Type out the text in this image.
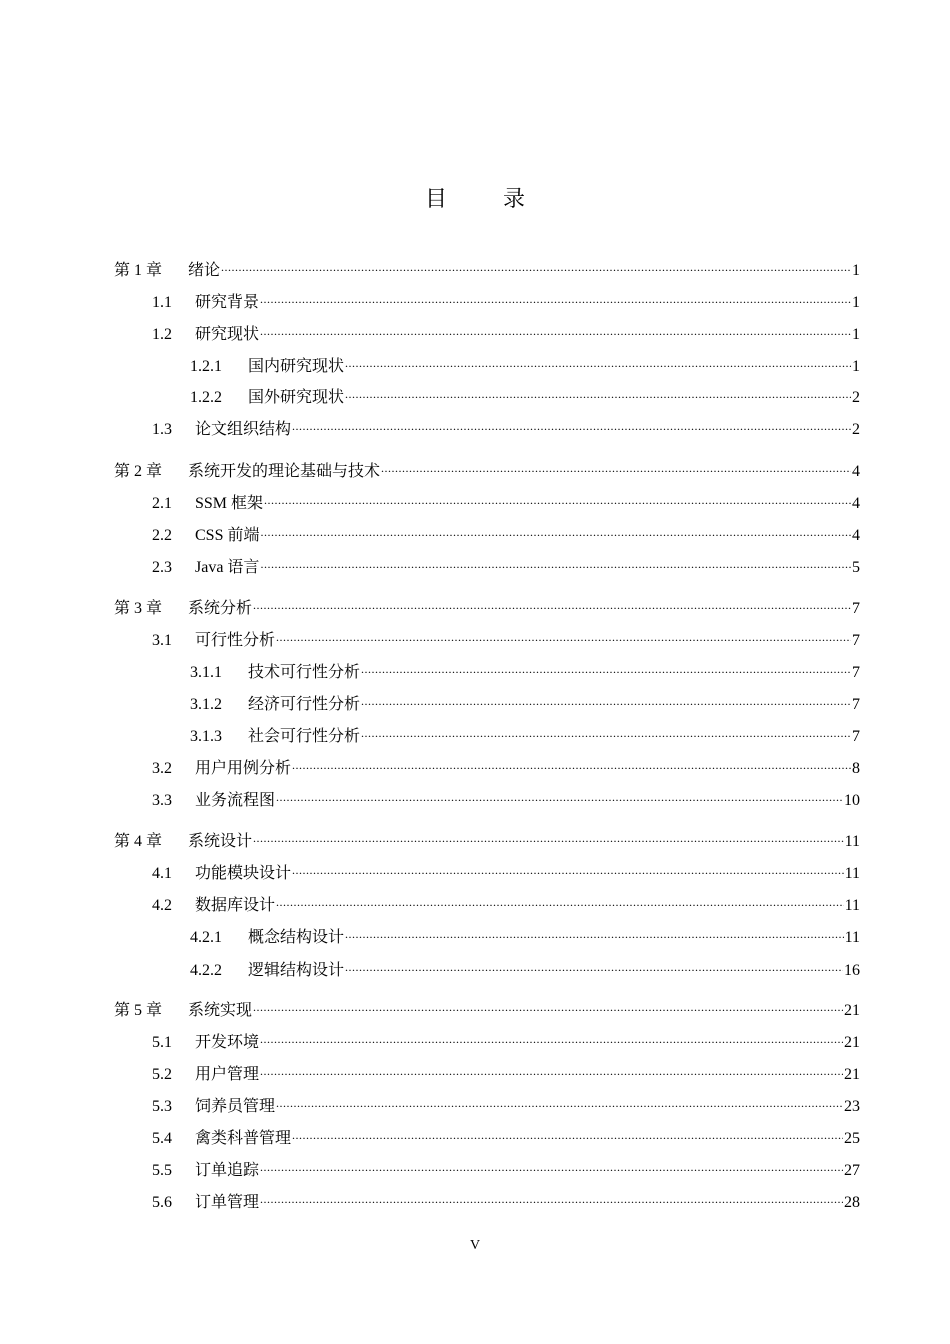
目	录
第 1 章	绪论 .....	1
1.1	研究背景 .....	1
1.2	研究现状 .....	1
1.2.1	国内研究现状 .....	1
1.2.2	国外研究现状 .....	2
1.3	论文组织结构 .....	2
第 2 章	系统开发的理论基础与技术 .....	4
2.1	SSM 框架 .....	4
2.2	CSS 前端 .....	4
2.3	Java 语言 .....	5
第 3 章	系统分析 .....	7
3.1	可行性分析 .....	7
3.1.1	技术可行性分析 .....	7
3.1.2	经济可行性分析 .....	7
3.1.3	社会可行性分析 .....	7
3.2	用户用例分析 .....	8
3.3	业务流程图 .....	10
第 4 章	系统设计 .....	11
4.1	功能模块设计 .....	11
4.2	数据库设计 .....	11
4.2.1	概念结构设计 .....	11
4.2.2	逻辑结构设计 .....	16
第 5 章	系统实现 .....	21
5.1	开发环境 .....	21
5.2	用户管理 .....	21
5.3	饲养员管理 .....	23
5.4	禽类科普管理 .....	25
5.5	订单追踪 .....	27
5.6	订单管理 .....	28
V
